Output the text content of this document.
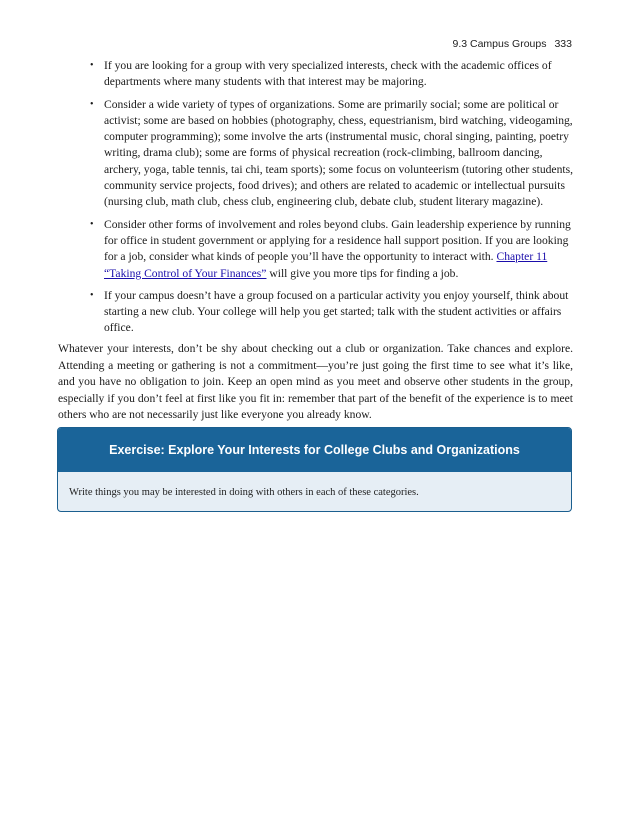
9.3 Campus Groups 333
• If you are looking for a group with very specialized interests, check with the academic offices of departments where many students with that interest may be majoring.
• Consider a wide variety of types of organizations. Some are primarily social; some are political or activist; some are based on hobbies (photography, chess, equestrianism, bird watching, videogaming, computer programming); some involve the arts (instrumental music, choral singing, painting, poetry writing, drama club); some are forms of physical recreation (rock-climbing, ballroom dancing, archery, yoga, table tennis, tai chi, team sports); some focus on volunteerism (tutoring other students, community service projects, food drives); and others are related to academic or intellectual pursuits (nursing club, math club, chess club, engineering club, debate club, student literary magazine).
• Consider other forms of involvement and roles beyond clubs. Gain leadership experience by running for office in student government or applying for a residence hall support position. If you are looking for a job, consider what kinds of people you’ll have the opportunity to interact with. Chapter 11 “Taking Control of Your Finances” will give you more tips for finding a job.
• If your campus doesn’t have a group focused on a particular activity you enjoy yourself, think about starting a new club. Your college will help you get started; talk with the student activities or affairs office.

Whatever your interests, don’t be shy about checking out a club or organization. Take chances and explore. Attending a meeting or gathering is not a commitment—you’re just going the first time to see what it’s like, and you have no obligation to join. Keep an open mind as you meet and observe other students in the group, especially if you don’t feel at first like you fit in: remember that part of the benefit of the experience is to meet others who are not necessarily just like everyone you already know.

Exercise: Explore Your Interests for College Clubs and Organizations
Write things you may be interested in doing with others in each of these categories.
